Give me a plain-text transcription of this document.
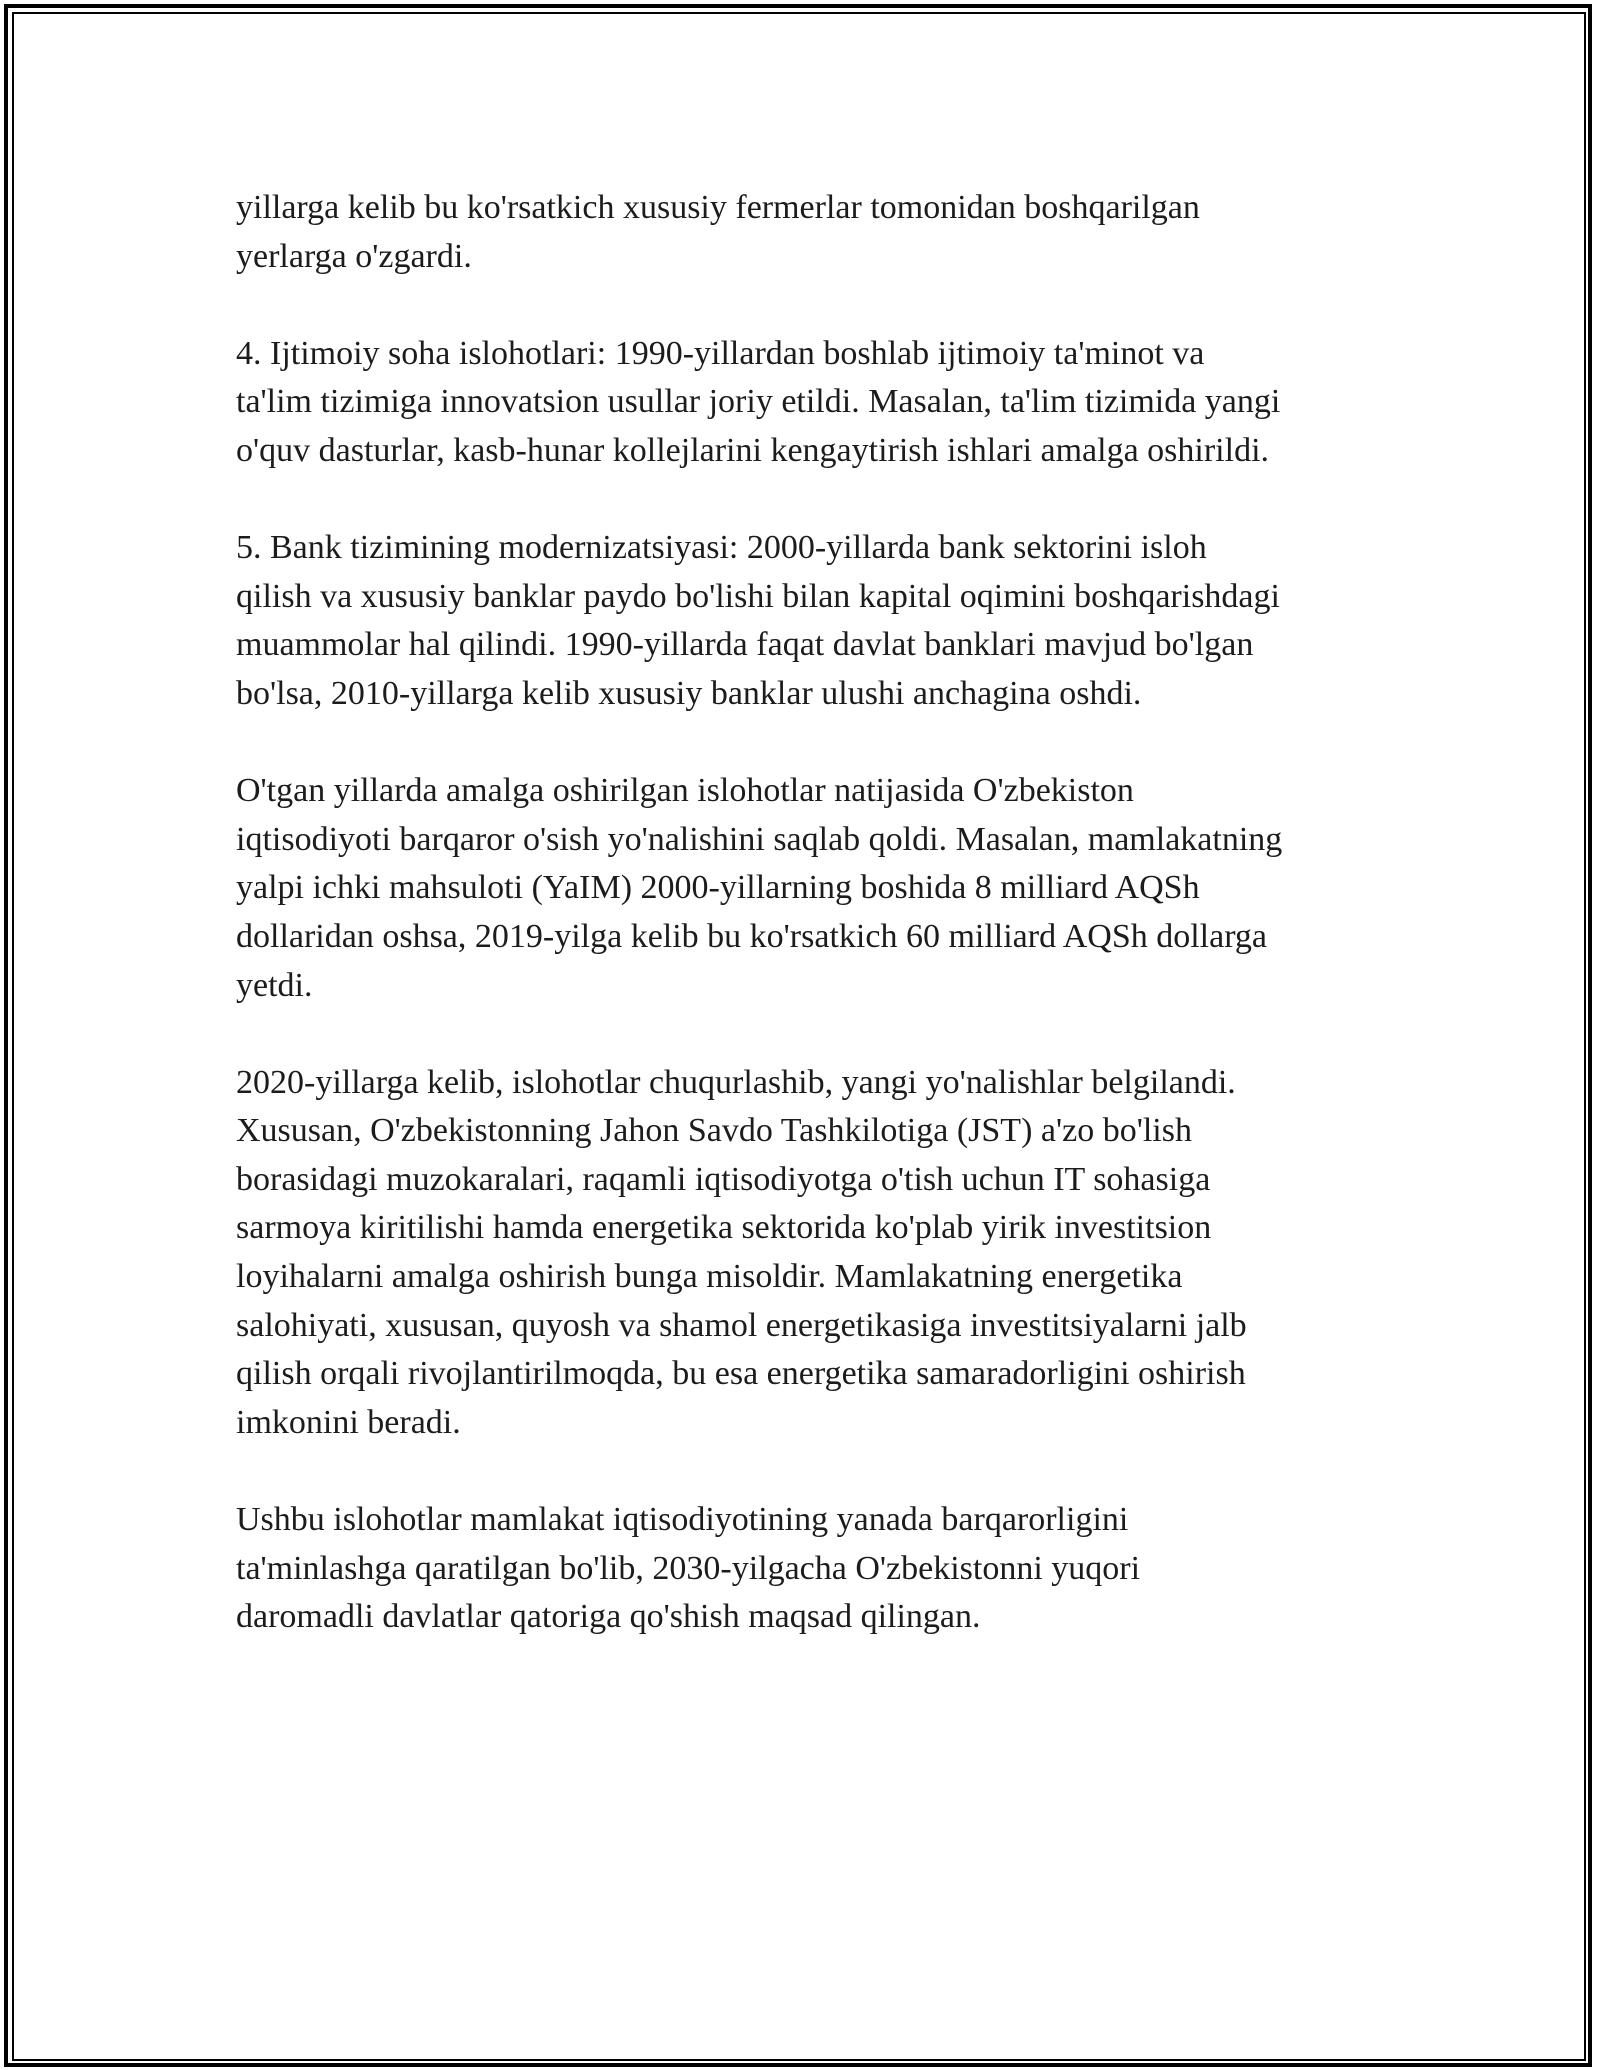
yillarga kelib bu ko'rsatkich xususiy fermerlar tomonidan boshqarilgan
yerlarga o'zgardi.
4. Ijtimoiy soha islohotlari: 1990-yillardan boshlab ijtimoiy ta'minot va
ta'lim tizimiga innovatsion usullar joriy etildi. Masalan, ta'lim tizimida yangi
o'quv dasturlar, kasb-hunar kollejlarini kengaytirish ishlari amalga oshirildi.
5. Bank tizimining modernizatsiyasi: 2000-yillarda bank sektorini isloh
qilish va xususiy banklar paydo bo'lishi bilan kapital oqimini boshqarishdagi
muammolar hal qilindi. 1990-yillarda faqat davlat banklari mavjud bo'lgan
bo'lsa, 2010-yillarga kelib xususiy banklar ulushi anchagina oshdi.
O'tgan yillarda amalga oshirilgan islohotlar natijasida O'zbekiston
iqtisodiyoti barqaror o'sish yo'nalishini saqlab qoldi. Masalan, mamlakatning
yalpi ichki mahsuloti (YaIM) 2000-yillarning boshida 8 milliard AQSh
dollaridan oshsa, 2019-yilga kelib bu ko'rsatkich 60 milliard AQSh dollarga
yetdi.
2020-yillarga kelib, islohotlar chuqurlashib, yangi yo'nalishlar belgilandi.
Xususan, O'zbekistonning Jahon Savdo Tashkilotiga (JST) a'zo bo'lish
borasidagi muzokaralari, raqamli iqtisodiyotga o'tish uchun IT sohasiga
sarmoya kiritilishi hamda energetika sektorida ko'plab yirik investitsion
loyihalarni amalga oshirish bunga misoldir. Mamlakatning energetika
salohiyati, xususan, quyosh va shamol energetikasiga investitsiyalarni jalb
qilish orqali rivojlantirilmoqda, bu esa energetika samaradorligini oshirish
imkonini beradi.
Ushbu islohotlar mamlakat iqtisodiyotining yanada barqarorligini
ta'minlashga qaratilgan bo'lib, 2030-yilgacha O'zbekistonni yuqori
daromadli davlatlar qatoriga qo'shish maqsad qilingan.
